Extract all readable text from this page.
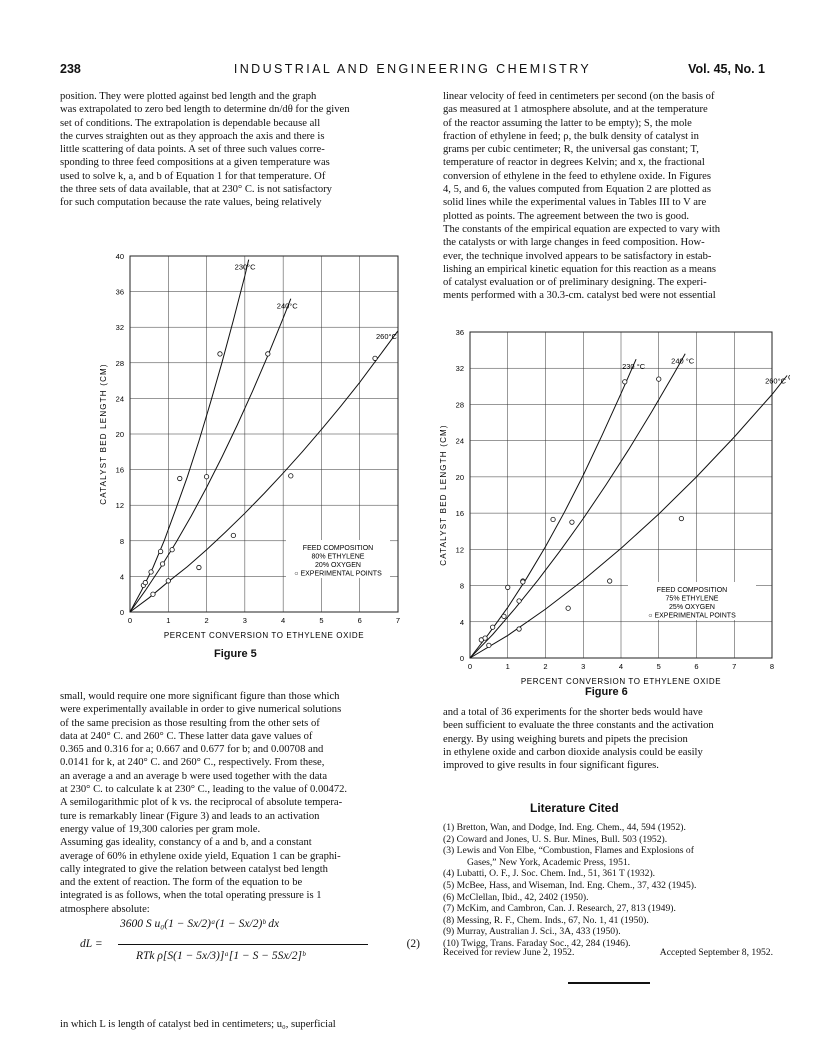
238	INDUSTRIAL AND ENGINEERING CHEMISTRY	Vol. 45, No. 1
position. They were plotted against bed length and the graph
was extrapolated to zero bed length to determine dn/dθ for the given
set of conditions. The extrapolation is dependable because all
the curves straighten out as they approach the axis and there is
little scattering of data points. A set of three such values corre-
sponding to three feed compositions at a given temperature was
used to solve k, a, and b of Equation 1 for that temperature. Of
the three sets of data available, that at 230° C. is not satisfactory
for such computation because the rate values, being relatively
0
4
8
12
16
20
24
28
32
36
40
0	1	2	3	4	5	6	7
PERCENT CONVERSION TO ETHYLENE OXIDE
CATALYST BED LENGTH (CM)
230°C
240°C
260°C
FEED COMPOSITION
80% ETHYLENE
20% OXYGEN
○ EXPERIMENTAL POINTS
Figure 5
small, would require one more significant figure than those which
were experimentally available in order to give numerical solutions
of the same precision as those resulting from the other sets of
data at 240° C. and 260° C. These latter data gave values of
0.365 and 0.316 for a; 0.667 and 0.677 for b; and 0.00708 and
0.0141 for k, at 240° C. and 260° C., respectively. From these,
an average a and an average b were used together with the data
at 230° C. to calculate k at 230° C., leading to the value of 0.00472.
A semilogarithmic plot of k vs. the reciprocal of absolute tempera-
ture is remarkably linear (Figure 3) and leads to an activation
energy value of 19,300 calories per gram mole.
Assuming gas ideality, constancy of a and b, and a constant
average of 60% in ethylene oxide yield, Equation 1 can be graphi-
cally integrated to give the relation between catalyst bed length
and the extent of reaction. The form of the equation to be
integrated is as follows, when the total operating pressure is 1
atmosphere absolute:
dL =
3600 S u₀(1 − Sx/2)ᵃ(1 − Sx/2)ᵇ dx
RTk ρ[S(1 − 5x/3)]ᵃ[1 − S − 5Sx/2]ᵇ
(2)
in which L is length of catalyst bed in centimeters; u₀, superficial
linear velocity of feed in centimeters per second (on the basis of
gas measured at 1 atmosphere absolute, and at the temperature
of the reactor assuming the latter to be empty); S, the mole
fraction of ethylene in feed; ρ, the bulk density of catalyst in
grams per cubic centimeter; R, the universal gas constant; T,
temperature of reactor in degrees Kelvin; and x, the fractional
conversion of ethylene in the feed to ethylene oxide. In Figures
4, 5, and 6, the values computed from Equation 2 are plotted as
solid lines while the experimental values in Tables III to V are
plotted as points. The agreement between the two is good.
The constants of the empirical equation are expected to vary with
the catalysts or with large changes in feed composition. How-
ever, the technique involved appears to be satisfactory in estab-
lishing an empirical kinetic equation for this reaction as a means
of catalyst evaluation or of preliminary designing. The experi-
ments performed with a 30.3-cm. catalyst bed were not essential
0
4
8
12
16
20
24
28
32
36
0	1	2	3	4	5	6	7	8
PERCENT CONVERSION TO ETHYLENE OXIDE
CATALYST BED LENGTH (CM)
230 °C
240 °C
260°C
FEED COMPOSITION
75% ETHYLENE
25% OXYGEN
○ EXPERIMENTAL POINTS
Figure 6
and a total of 36 experiments for the shorter beds would have
been sufficient to evaluate the three constants and the activation
energy. By using weighing burets and pipets the precision
in ethylene oxide and carbon dioxide analysis could be easily
improved to give results in four significant figures.
Literature Cited
(1) Bretton, Wan, and Dodge, Ind. Eng. Chem., 44, 594 (1952).
(2) Coward and Jones, U. S. Bur. Mines, Bull. 503 (1952).
(3) Lewis and Von Elbe, “Combustion, Flames and Explosions of
Gases,” New York, Academic Press, 1951.
(4) Lubatti, O. F., J. Soc. Chem. Ind., 51, 361 T (1932).
(5) McBee, Hass, and Wiseman, Ind. Eng. Chem., 37, 432 (1945).
(6) McClellan, Ibid., 42, 2402 (1950).
(7) McKim, and Cambron, Can. J. Research, 27, 813 (1949).
(8) Messing, R. F., Chem. Inds., 67, No. 1, 41 (1950).
(9) Murray, Australian J. Sci., 3A, 433 (1950).
(10) Twigg, Trans. Faraday Soc., 42, 284 (1946).
Received for review June 2, 1952.	Accepted September 8, 1952.
